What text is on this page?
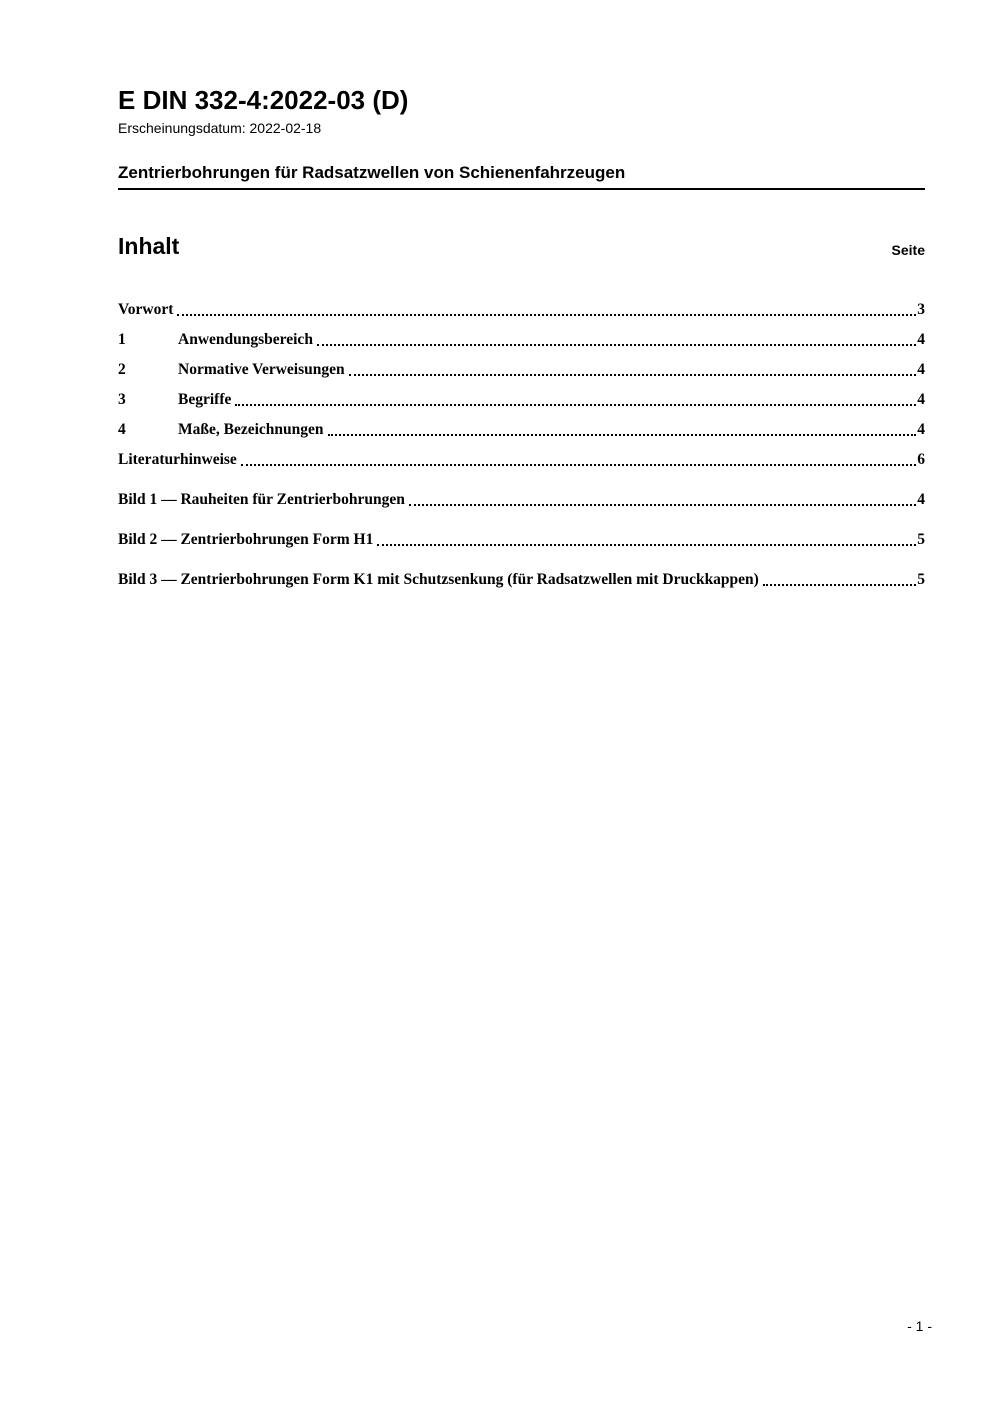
E DIN 332-4:2022-03 (D)
Erscheinungsdatum: 2022-02-18
Zentrierbohrungen für Radsatzwellen von Schienenfahrzeugen
Inhalt	Seite
Vorwort	3
1	Anwendungsbereich	4
2	Normative Verweisungen	4
3	Begriffe	4
4	Maße, Bezeichnungen	4
Literaturhinweise	6
Bild 1 — Rauheiten für Zentrierbohrungen	4
Bild 2 — Zentrierbohrungen Form H1	5
Bild 3 — Zentrierbohrungen Form K1 mit Schutzsenkung (für Radsatzwellen mit Druckkappen)	5
- 1 -
